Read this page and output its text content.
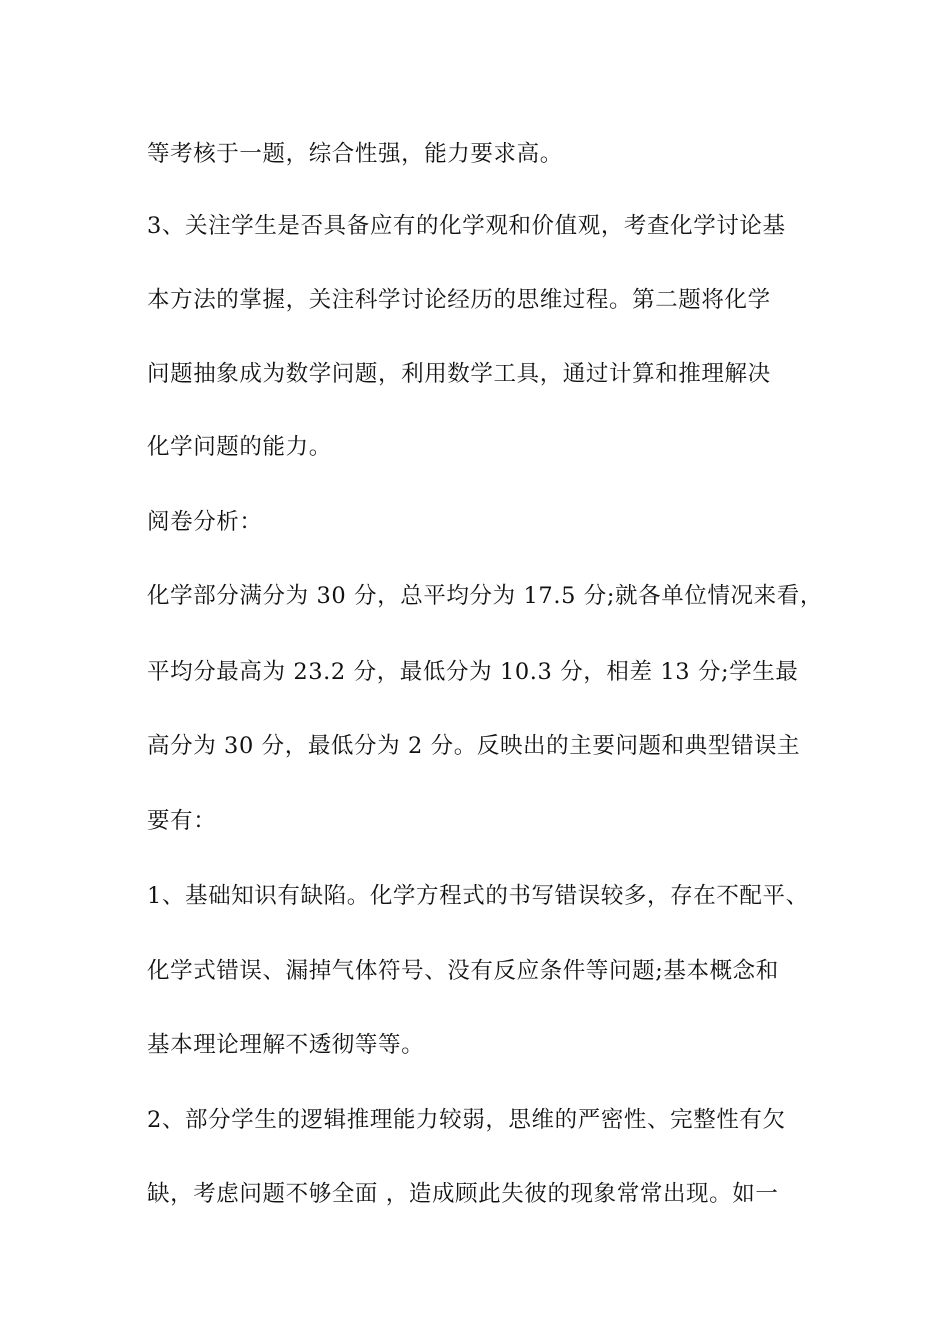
等考核于一题，综合性强，能力要求高。
3、关注学生是否具备应有的化学观和价值观，考查化学讨论基
本方法的掌握，关注科学讨论经历的思维过程。第二题将化学
问题抽象成为数学问题，利用数学工具，通过计算和推理解决
化学问题的能力。
阅卷分析：
化学部分满分为 30 分，总平均分为 17.5 分;就各单位情况来看，
平均分最高为 23.2 分，最低分为 10.3 分，相差 13 分;学生最
高分为 30 分，最低分为 2 分。反映出的主要问题和典型错误主
要有：
1、基础知识有缺陷。化学方程式的书写错误较多，存在不配平、
化学式错误、漏掉气体符号、没有反应条件等问题;基本概念和
基本理论理解不透彻等等。
2、部分学生的逻辑推理能力较弱，思维的严密性、完整性有欠
缺，考虑问题不够全面 ，造成顾此失彼的现象常常出现。如一
